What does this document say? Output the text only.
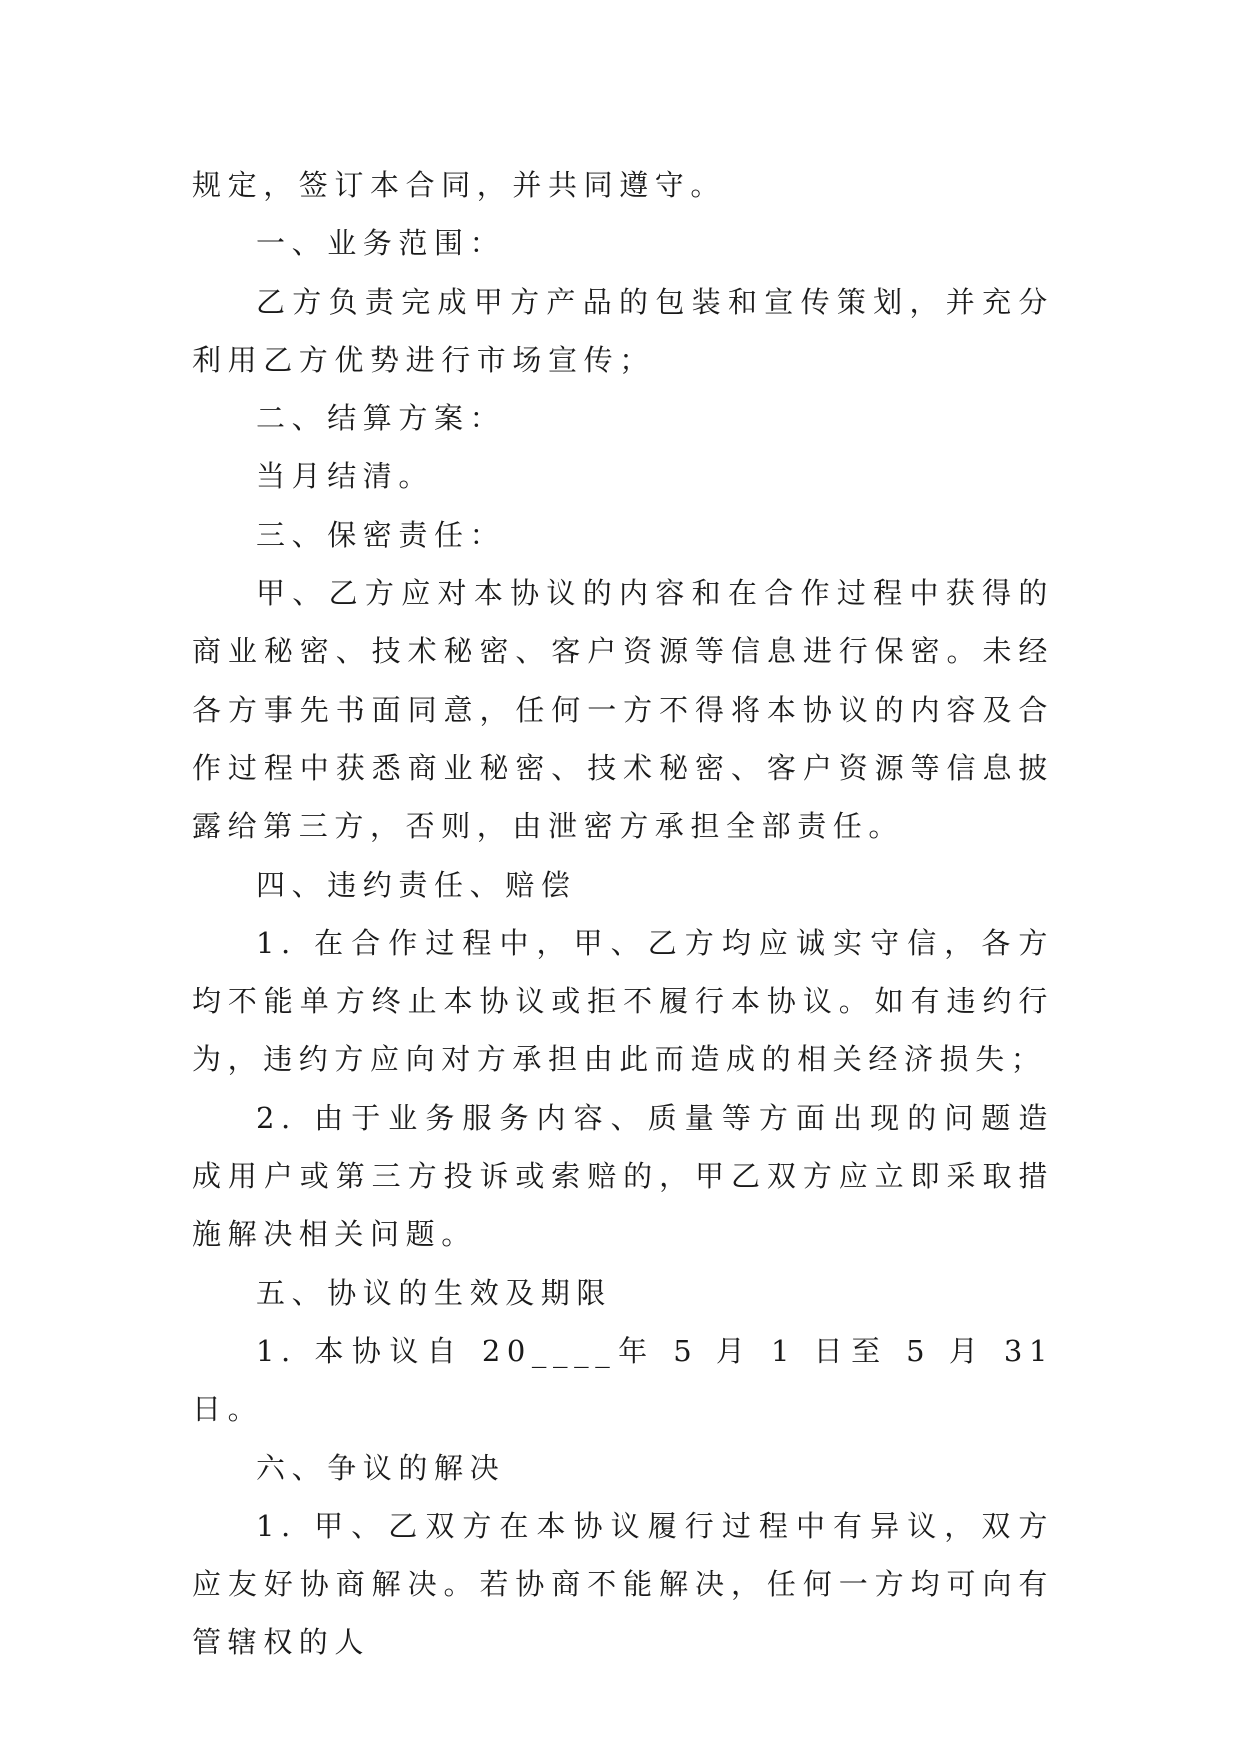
规定，签订本合同，并共同遵守。

一、业务范围：

乙方负责完成甲方产品的包装和宣传策划，并充分利用乙方优势进行市场宣传；

二、结算方案：

当月结清。

三、保密责任：

甲、乙方应对本协议的内容和在合作过程中获得的商业秘密、技术秘密、客户资源等信息进行保密。未经各方事先书面同意，任何一方不得将本协议的内容及合作过程中获悉商业秘密、技术秘密、客户资源等信息披露给第三方，否则，由泄密方承担全部责任。

四、违约责任、赔偿

1. 在合作过程中，甲、乙方均应诚实守信，各方均不能单方终止本协议或拒不履行本协议。如有违约行为，违约方应向对方承担由此而造成的相关经济损失；

2. 由于业务服务内容、质量等方面出现的问题造成用户或第三方投诉或索赔的，甲乙双方应立即采取措施解决相关问题。

五、协议的生效及期限

1. 本协议自 20____年 5 月 1 日至 5 月 31 日。

六、争议的解决

1. 甲、乙双方在本协议履行过程中有异议，双方应友好协商解决。若协商不能解决，任何一方均可向有管辖权的人
